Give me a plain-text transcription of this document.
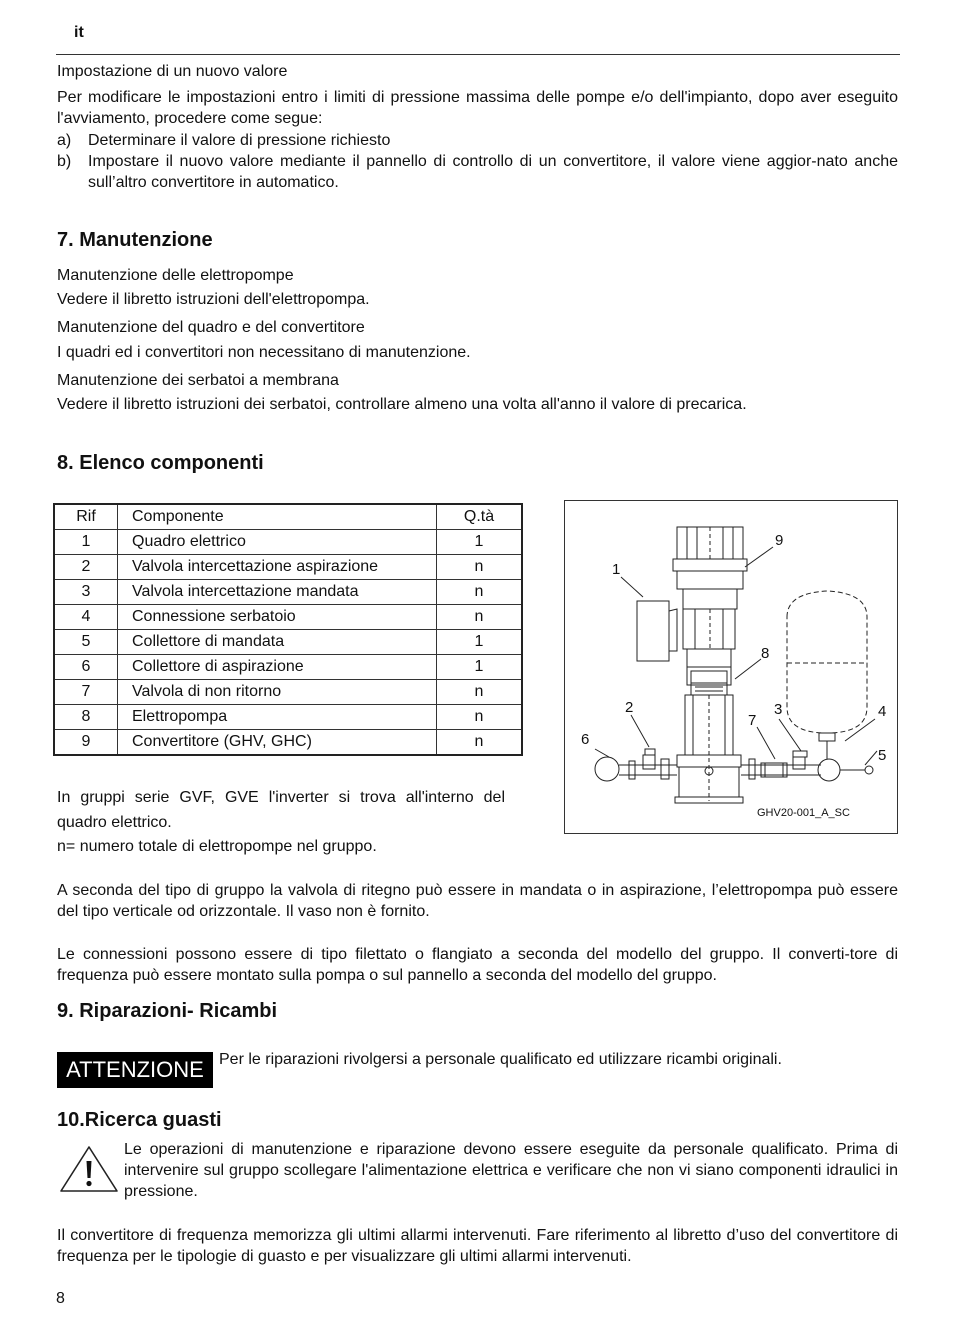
it
Impostazione di un nuovo valore
Per modificare le impostazioni entro i limiti di pressione massima delle pompe e/o dell'impianto, dopo aver eseguito l'avviamento, procedere come segue:
a)	Determinare il valore di pressione richiesto
b)	Impostare il nuovo valore mediante il pannello di controllo di un convertitore, il valore viene aggior-nato anche sull’altro convertitore in automatico.
7. Manutenzione
Manutenzione delle elettropompe
Vedere il libretto istruzioni dell'elettropompa.
Manutenzione del quadro e del convertitore
I quadri ed i convertitori non necessitano di manutenzione.
Manutenzione dei serbatoi a membrana
Vedere il libretto istruzioni dei serbatoi, controllare almeno una volta all'anno il valore di precarica.
8. Elenco componenti
Rif	Componente	Q.tà
1	Quadro elettrico	1
2	Valvola intercettazione aspirazione	n
3	Valvola intercettazione mandata	n
4	Connessione serbatoio	n
5	Collettore di mandata	1
6	Collettore di aspirazione	1
7	Valvola di non ritorno	n
8	Elettropompa	n
9	Convertitore (GHV, GHC)	n
In gruppi serie GVF, GVE l'inverter si trova all'interno del quadro elettrico.
n= numero totale di elettropompe nel gruppo.
1
2	3	4
5
6
7
8
9
GHV20-001_A_SC
A seconda del tipo di gruppo la valvola di ritegno può essere in mandata o in aspirazione, l’elettropompa può essere del tipo verticale od orizzontale. Il vaso non è fornito.
Le connessioni possono essere di tipo filettato o flangiato a seconda del modello del gruppo. Il converti-tore di frequenza può essere montato sulla pompa o sul pannello a seconda del modello del gruppo.
9. Riparazioni- Ricambi
ATTENZIONE Per le riparazioni rivolgersi a personale qualificato ed utilizzare ricambi originali.
10.Ricerca guasti
Le operazioni di manutenzione e riparazione devono essere eseguite da personale qualificato. Prima di intervenire sul gruppo scollegare l'alimentazione elettrica e verificare che non vi siano componenti idraulici in pressione.
Il convertitore di frequenza memorizza gli ultimi allarmi intervenuti. Fare riferimento al libretto d’uso del convertitore di frequenza per le tipologie di guasto e per visualizzare gli ultimi allarmi intervenuti.
8
